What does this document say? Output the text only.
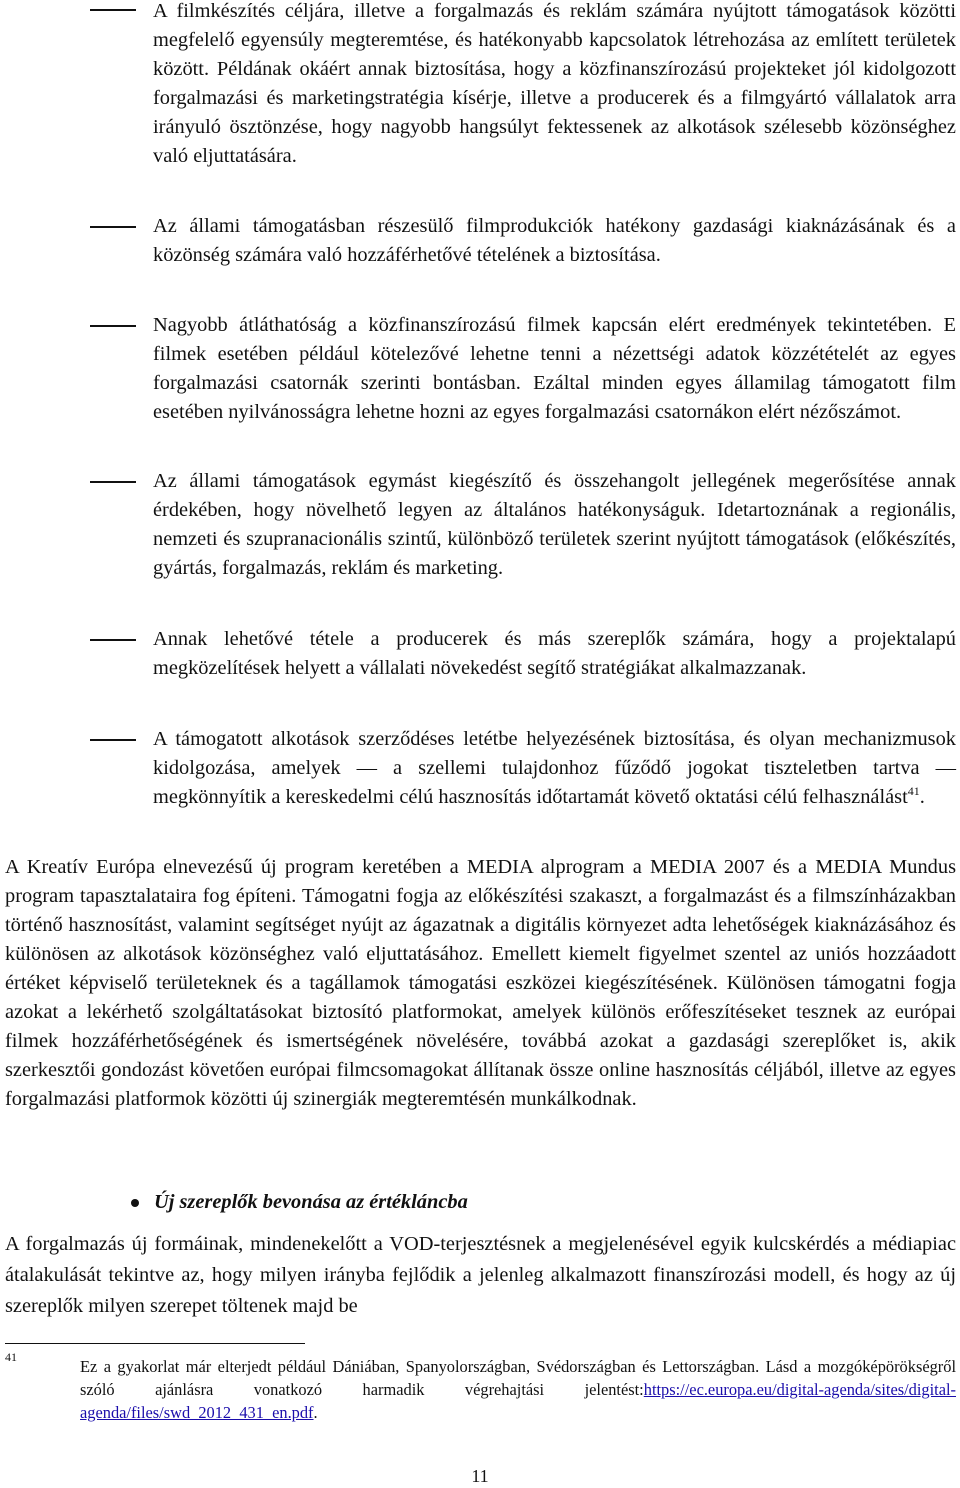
A filmkészítés céljára, illetve a forgalmazás és reklám számára nyújtott támogatások közötti megfelelő egyensúly megteremtése, és hatékonyabb kapcsolatok létrehozása az említett területek között. Példának okáért annak biztosítása, hogy a közfinanszírozású projekteket jól kidolgozott forgalmazási és marketingstratégia kísérje, illetve a producerek és a filmgyártó vállalatok arra irányuló ösztönzése, hogy nagyobb hangsúlyt fektessenek az alkotások szélesebb közönséghez való eljuttatására.
Az állami támogatásban részesülő filmprodukciók hatékony gazdasági kiaknázásának és a közönség számára való hozzáférhetővé tételének a biztosítása.
Nagyobb átláthatóság a közfinanszírozású filmek kapcsán elért eredmények tekintetében. E filmek esetében például kötelezővé lehetne tenni a nézettségi adatok közzétételét az egyes forgalmazási csatornák szerinti bontásban. Ezáltal minden egyes államilag támogatott film esetében nyilvánosságra lehetne hozni az egyes forgalmazási csatornákon elért nézőszámot.
Az állami támogatások egymást kiegészítő és összehangolt jellegének megerősítése annak érdekében, hogy növelhető legyen az általános hatékonyságuk. Idetartoznának a regionális, nemzeti és szupranacionális szintű, különböző területek szerint nyújtott támogatások (előkészítés, gyártás, forgalmazás, reklám és marketing.
Annak lehetővé tétele a producerek és más szereplők számára, hogy a projektalapú megközelítések helyett a vállalati növekedést segítő stratégiákat alkalmazzanak.
A támogatott alkotások szerződéses letétbe helyezésének biztosítása, és olyan mechanizmusok kidolgozása, amelyek ― a szellemi tulajdonhoz fűződő jogokat tiszteletben tartva ― megkönnyítik a kereskedelmi célú hasznosítás időtartamát követő oktatási célú felhasználást$^{41}$.
A Kreatív Európa elnevezésű új program keretében a MEDIA alprogram a MEDIA 2007 és a MEDIA Mundus program tapasztalataira fog építeni. Támogatni fogja az előkészítési szakaszt, a forgalmazást és a filmszínházakban történő hasznosítást, valamint segítséget nyújt az ágazatnak a digitális környezet adta lehetőségek kiaknázásához és különösen az alkotások közönséghez való eljuttatásához. Emellett kiemelt figyelmet szentel az uniós hozzáadott értéket képviselő területeknek és a tagállamok támogatási eszközei kiegészítésének. Különösen támogatni fogja azokat a lekérhető szolgáltatásokat biztosító platformokat, amelyek különös erőfeszítéseket tesznek az európai filmek hozzáférhetőségének és ismertségének növelésére, továbbá azokat a gazdasági szereplőket is, akik szerkesztői gondozást követően európai filmcsomagokat állítanak össze online hasznosítás céljából, illetve az egyes forgalmazási platformok közötti új szinergiák megteremtésén munkálkodnak.
Új szereplők bevonása az értékláncba
A forgalmazás új formáinak, mindenekelőtt a VOD-terjesztésnek a megjelenésével egyik kulcskérdés a médiapiac átalakulását tekintve az, hogy milyen irányba fejlődik a jelenleg alkalmazott finanszírozási modell, és hogy az új szereplők milyen szerepet töltenek majd be
41	Ez a gyakorlat már elterjedt például Dániában, Spanyolországban, Svédországban és Lettországban. Lásd a mozgóképörökségről szóló ajánlásra vonatkozó harmadik végrehajtási jelentést:https://ec.europa.eu/digital-agenda/sites/digital-agenda/files/swd_2012_431_en.pdf.
11
